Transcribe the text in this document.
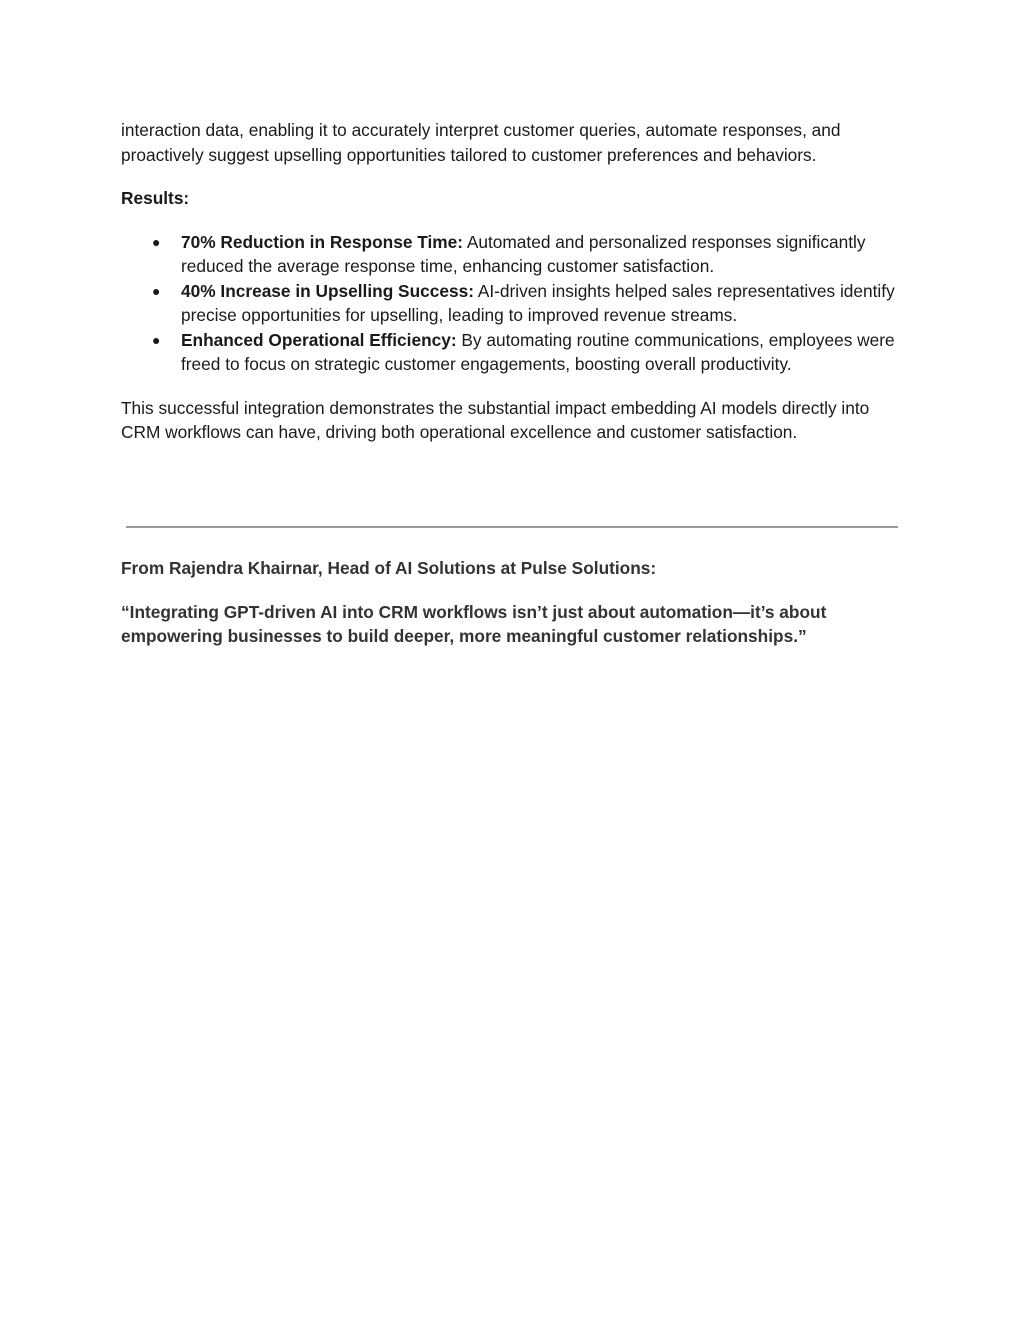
interaction data, enabling it to accurately interpret customer queries, automate responses, and proactively suggest upselling opportunities tailored to customer preferences and behaviors.

Results:

● 70% Reduction in Response Time: Automated and personalized responses significantly reduced the average response time, enhancing customer satisfaction.
● 40% Increase in Upselling Success: AI-driven insights helped sales representatives identify precise opportunities for upselling, leading to improved revenue streams.
● Enhanced Operational Efficiency: By automating routine communications, employees were freed to focus on strategic customer engagements, boosting overall productivity.

This successful integration demonstrates the substantial impact embedding AI models directly into CRM workflows can have, driving both operational excellence and customer satisfaction.

From Rajendra Khairnar, Head of AI Solutions at Pulse Solutions:

“Integrating GPT-driven AI into CRM workflows isn’t just about automation—it’s about empowering businesses to build deeper, more meaningful customer relationships.”
